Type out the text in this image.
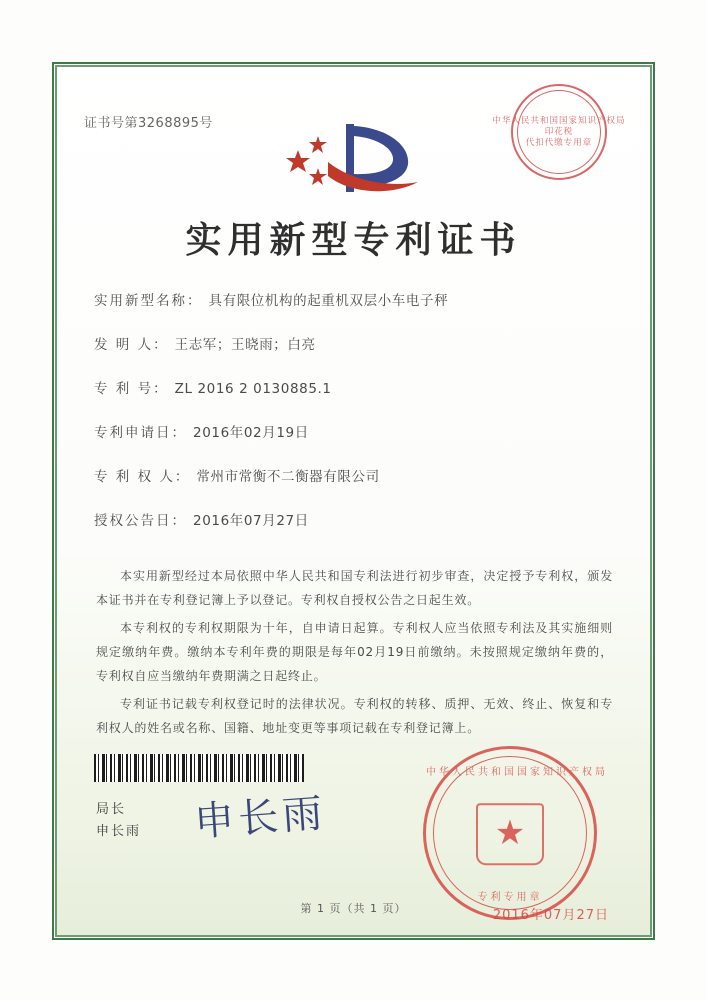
证书号第3268895号	中华人民共和国国家知识产权局
印花税
代扣代缴专用章
实用新型专利证书
实用新型名称： 具有限位机构的起重机双层小车电子秤
发 明 人： 王志军；王晓雨；白亮
专 利 号： ZL 2016 2 0130885.1
专利申请日： 2016年02月19日
专 利 权 人： 常州市常衡不二衡器有限公司
授权公告日： 2016年07月27日

本实用新型经过本局依照中华人民共和国专利法进行初步审查，决定授予专利权，颁发本证书并在专利登记簿上予以登记。专利权自授权公告之日起生效。

本专利权的专利权期限为十年，自申请日起算。专利权人应当依照专利法及其实施细则规定缴纳年费。缴纳本专利年费的期限是每年02月19日前缴纳。未按照规定缴纳年费的，专利权自应当缴纳年费期满之日起终止。

专利证书记载专利权登记时的法律状况。专利权的转移、质押、无效、终止、恢复和专利权人的姓名或名称、国籍、地址变更等事项记载在专利登记簿上。

局长
申长雨 申长雨
中华人民共和国国家知识产权局
★
专利专用章
2016年07月27日
第 1 页（共 1 页）
